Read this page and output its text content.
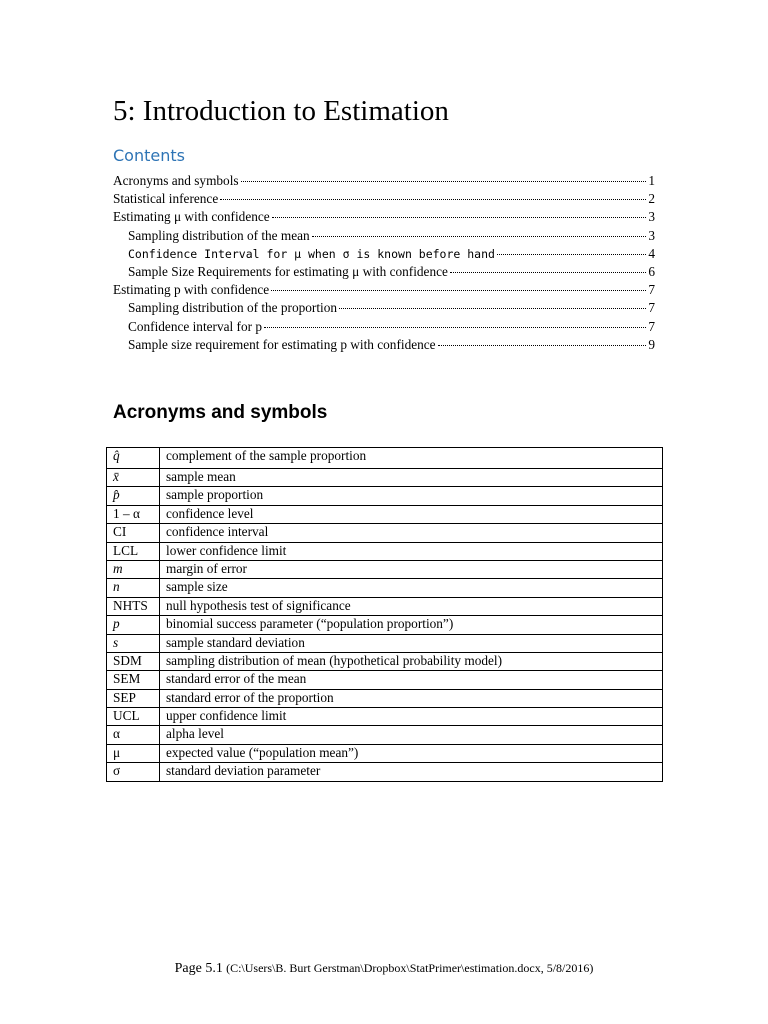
5: Introduction to Estimation
Contents
Acronyms and symbols	1
Statistical inference	2
Estimating μ with confidence	3
Sampling distribution of the mean	3
Confidence Interval for μ when σ is known before hand	4
Sample Size Requirements for estimating μ with confidence	6
Estimating p with confidence	7
Sampling distribution of the proportion	7
Confidence interval for p	7
Sample size requirement for estimating p with confidence	9
Acronyms and symbols
q̂	complement of the sample proportion
x̄	sample mean
p̂	sample proportion
1 – α	confidence level
CI	confidence interval
LCL	lower confidence limit
m	margin of error
n	sample size
NHTS	null hypothesis test of significance
p	binomial success parameter (“population proportion”)
s	sample standard deviation
SDM	sampling distribution of mean (hypothetical probability model)
SEM	standard error of the mean
SEP	standard error of the proportion
UCL	upper confidence limit
α	alpha level
μ	expected value (“population mean”)
σ	standard deviation parameter
Page 5.1 (C:\Users\B. Burt Gerstman\Dropbox\StatPrimer\estimation.docx, 5/8/2016)
